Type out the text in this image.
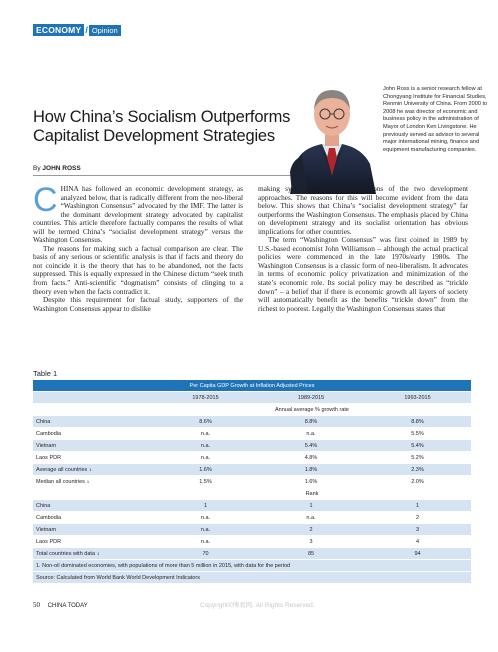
ECONOMY / Opinion
How China’s Socialism Outperforms
Capitalist Development Strategies
By JOHN ROSS
John Ross is a senior research fellow at Chongyang Institute for Financial Studies, Renmin University of China. From 2000 to 2008 he was director of economic and business policy in the administration of Mayor of London Ken Livingstone. He previously served as advisor to several major international mining, finance and equipment manufacturing companies.

CHINA has followed an economic development strategy, as analyzed below, that is radically different from the neo-liberal “Washington Consensus” advocated by the IMF. The latter is the dominant development strategy advocated by capitalist countries. This article therefore factually compares the results of what will be termed China’s “socialist development strategy” versus the Washington Consensus.

The reasons for making such a factual comparison are clear. The basis of any serious or scientific analysis is that if facts and theory do not coincide it is the theory that has to be abandoned, not the facts suppressed. This is equally expressed in the Chinese dictum “seek truth from facts.” Anti-scientific “dogmatism” consists of clinging to a theory even when the facts contradict it.

Despite this requirement for factual study, supporters of the Washington Consensus appear to dislike

making systematic factual comparisons of the two development approaches. The reasons for this will become evident from the data below. This shows that China’s “socialist development strategy” far outperforms the Washington Consensus. The emphasis placed by China on development strategy and its socialist orientation has obvious implications for other countries.

The term “Washington Consensus” was first coined in 1989 by U.S.-based economist John Williamson – although the actual practical policies were commenced in the late 1970s/early 1980s. The Washington Consensus is a classic form of neo-liberalism. It advocates in terms of economic policy privatization and minimization of the state’s economic role. Its social policy may be described as “trickle down” – a belief that if there is economic growth all layers of society will automatically benefit as the benefits “trickle down” from the richest to poorest. Legally the Washington Consensus states that

Table 1
Per Capita GDP Growth at Inflation Adjusted Prices
1978-2015	1989-2015	1993-2015
Annual average % growth rate
China	8.6%	8.8%	8.8%
Cambodia	n.a.	n.a.	5.5%
Vietnam	n.a.	5.4%	5.4%
Laos PDR	n.a.	4.8%	5.2%
Average all countries 1	1.6%	1.8%	2.3%
Median all countries 1	1.5%	1.6%	2.0%
Rank
China	1	1	1
Cambodia	n.a.	n.a.	2
Vietnam	n.a.	2	3
Laos PDR	n.a.	3	4
Total countries with data 1	70	85	94
1. Non-oil dominated economies, with populations of more than 5 million in 2015, with data for the period
Source: Calculated from World Bank World Development Indicators
50 CHINA TODAY	Copyright©博看网. All Rights Reserved.
